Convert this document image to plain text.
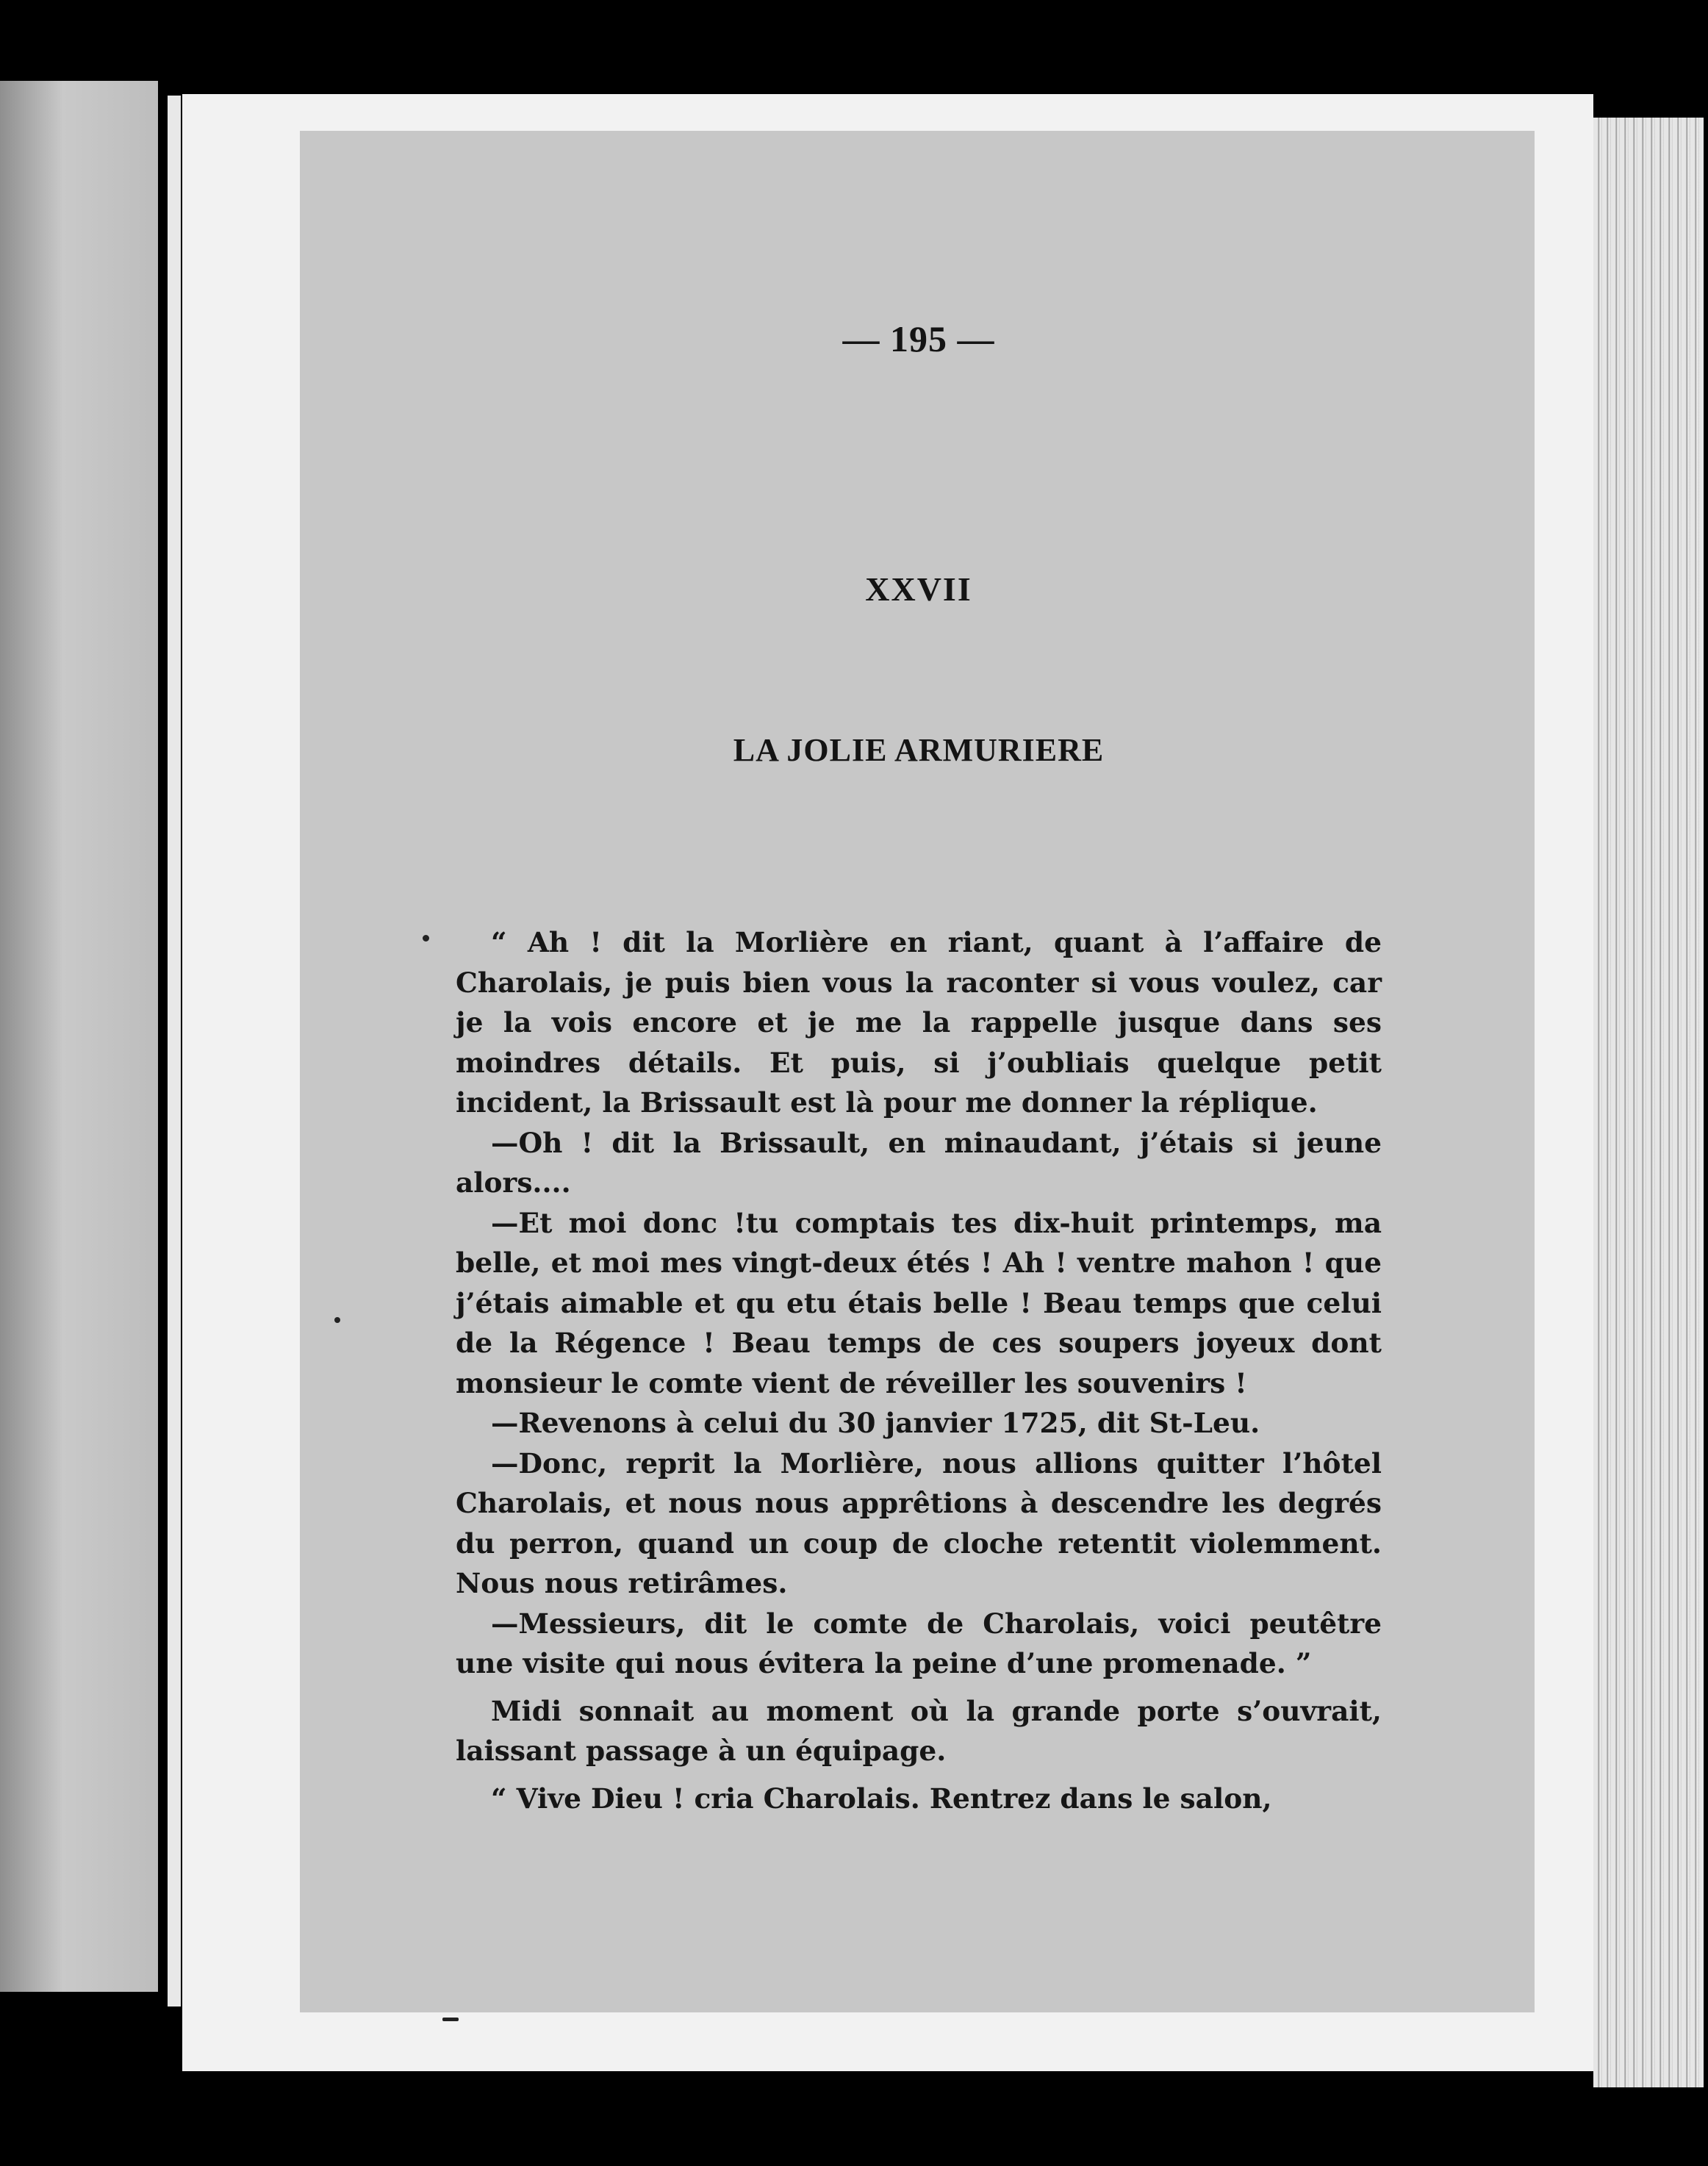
— 195 —
XXVII
LA JOLIE ARMURIERE

“ Ah ! dit la Morlière en riant, quant à l’affaire de Charolais, je puis bien vous la raconter si vous voulez, car je la vois encore et je me la rappelle jusque dans ses moindres détails. Et puis, si j’oubliais quelque petit incident, la Brissault est là pour me donner la réplique.

—Oh ! dit la Brissault, en minaudant, j’étais si jeune alors....

—Et moi donc !tu comptais tes dix-huit printemps, ma belle, et moi mes vingt-deux étés ! Ah ! ventre mahon ! que j’étais aimable et qu etu étais belle ! Beau temps que celui de la Régence ! Beau temps de ces soupers joyeux dont monsieur le comte vient de réveiller les souvenirs !

—Revenons à celui du 30 janvier 1725, dit St-Leu.

—Donc, reprit la Morlière, nous allions quitter l’hôtel Charolais, et nous nous apprêtions à descendre les degrés du perron, quand un coup de cloche retentit violemment. Nous nous retirâmes.

—Messieurs, dit le comte de Charolais, voici peutêtre une visite qui nous évitera la peine d’une promenade. ”

Midi sonnait au moment où la grande porte s’ouvrait, laissant passage à un équipage.

“ Vive Dieu ! cria Charolais. Rentrez dans le salon,
